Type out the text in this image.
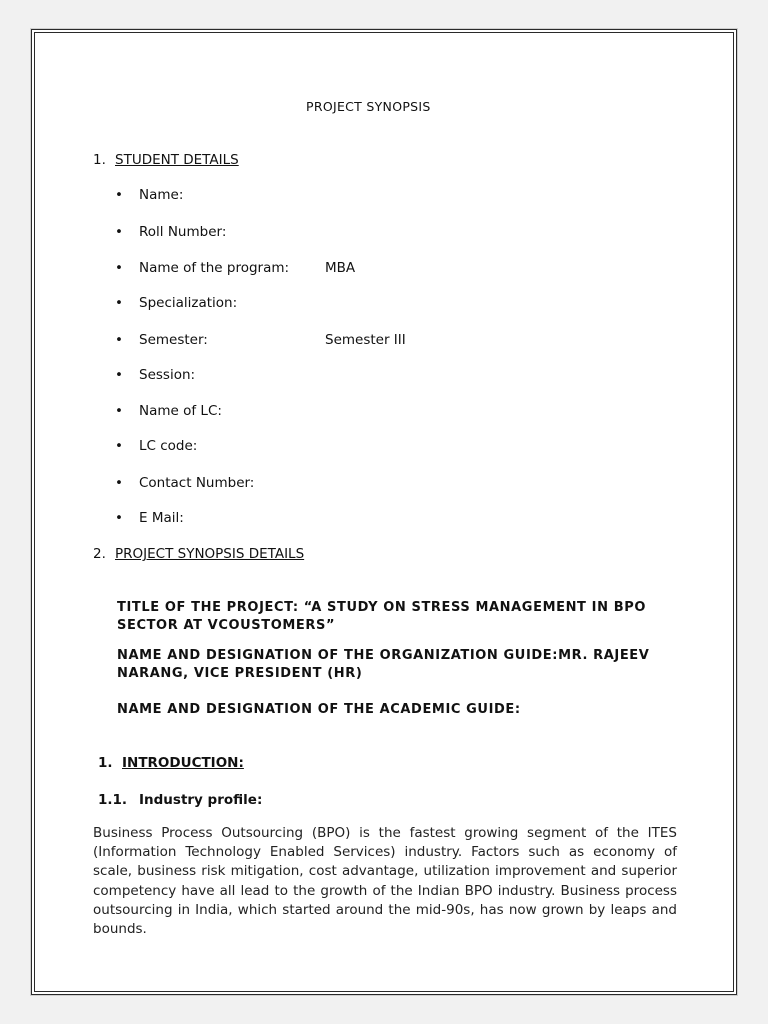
PROJECT SYNOPSIS
1. STUDENT DETAILS
• Name:
• Roll Number:
• Name of the program:	MBA
• Specialization:
• Semester:	Semester III
• Session:
• Name of LC:
• LC code:
• Contact Number:
• E Mail:
2. PROJECT SYNOPSIS DETAILS
TITLE OF THE PROJECT: “A STUDY ON STRESS MANAGEMENT IN BPO SECTOR AT VCOUSTOMERS”
NAME AND DESIGNATION OF THE ORGANIZATION GUIDE:MR. RAJEEV NARANG, VICE PRESIDENT (HR)
NAME AND DESIGNATION OF THE ACADEMIC GUIDE:
1. INTRODUCTION:
1.1. Industry profile:
Business Process Outsourcing (BPO) is the fastest growing segment of the ITES (Information Technology Enabled Services) industry. Factors such as economy of scale, business risk mitigation, cost advantage, utilization improvement and superior competency have all lead to the growth of the Indian BPO industry. Business process outsourcing in India, which started around the mid-90s, has now grown by leaps and bounds.
